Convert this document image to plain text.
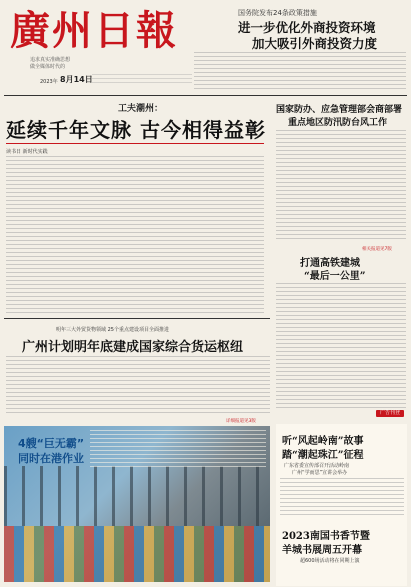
廣州日報
追求真实准确思想
做全媒体时代的
2023年 8月14日
国务院发布24条政策措施
进一步优化外商投资环境
加大吸引外商投资力度
工夫潮州：
延续千年文脉 古今相得益彰
读书日 新时代实践
国家防办、应急管理部会商部署
重点地区防汛防台风工作
相关报道见7版
打通高铁建城
“最后一公里”
广告刊登
明年三大外贸货物领域 25个重点建设项目全面推进
广州计划明年底建成国家综合货运枢纽
详细报道见3版
4艘“巨无霸”
同时在港作业
听“风起岭南”故事
踏“潮起珠江”征程
广东省委宣传部召开活动岭南
广州“学而思”宣讲会举办
2023南国书香节暨
羊城书展周五开幕
超600场活动将在同期上演
